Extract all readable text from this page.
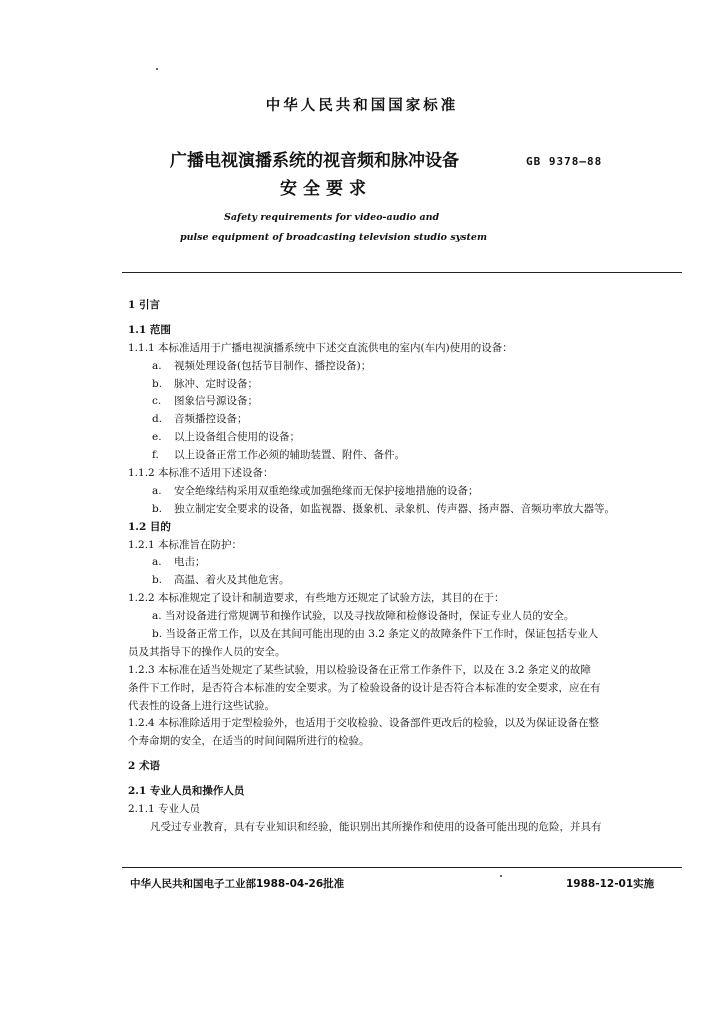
中华人民共和国国家标准
广播电视演播系统的视音频和脉冲设备	GB 9378—88
安全要求
Safety requirements for video-audio and
pulse equipment of broadcasting television studio system
1 引言
1.1 范围
1.1.1 本标准适用于广播电视演播系统中下述交直流供电的室内(车内)使用的设备：
a. 视频处理设备(包括节目制作、播控设备)；
b. 脉冲、定时设备；
c. 图象信号源设备；
d. 音频播控设备；
e. 以上设备组合使用的设备；
f. 以上设备正常工作必须的辅助装置、附件、备件。
1.1.2 本标准不适用下述设备：
a. 安全绝缘结构采用双重绝缘或加强绝缘而无保护接地措施的设备；
b. 独立制定安全要求的设备，如监视器、摄象机、录象机、传声器、扬声器、音频功率放大器等。
1.2 目的
1.2.1 本标准旨在防护：
a. 电击；
b. 高温、着火及其他危害。
1.2.2 本标准规定了设计和制造要求，有些地方还规定了试验方法，其目的在于：
a. 当对设备进行常规调节和操作试验，以及寻找故障和检修设备时，保证专业人员的安全。
b. 当设备正常工作，以及在其间可能出现的由 3.2 条定义的故障条件下工作时，保证包括专业人
员及其指导下的操作人员的安全。
1.2.3 本标准在适当处规定了某些试验，用以检验设备在正常工作条件下，以及在 3.2 条定义的故障
条件下工作时，是否符合本标准的安全要求。为了检验设备的设计是否符合本标准的安全要求，应在有
代表性的设备上进行这些试验。
1.2.4 本标准除适用于定型检验外，也适用于交收检验、设备部件更改后的检验，以及为保证设备在整
个寿命期的安全，在适当的时间间隔所进行的检验。
2 术语
2.1 专业人员和操作人员
2.1.1 专业人员
凡受过专业教育，具有专业知识和经验，能识别出其所操作和使用的设备可能出现的危险，并具有
中华人民共和国电子工业部1988-04-26批准	1988-12-01实施
